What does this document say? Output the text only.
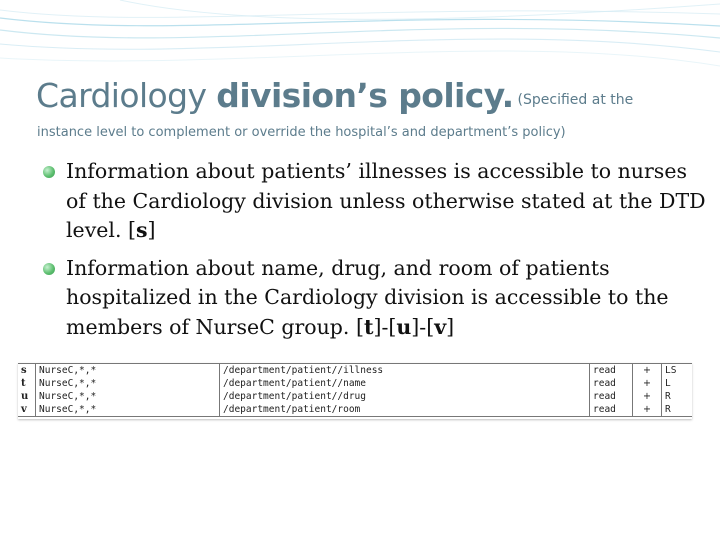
Cardiology division’s policy. (Specified at the
instance level to complement or override the hospital’s and department’s policy)
Information about patients’ illnesses is accessible to nurses of the Cardiology division unless otherwise stated at the DTD level. [s]
Information about name, drug, and room of patients hospitalized in the Cardiology division is accessible to the members of NurseC group. [t]-[u]-[v]
s	NurseC,*,*	/department/patient//illness	read	+	LS
t	NurseC,*,*	/department/patient//name	read	+	L
u	NurseC,*,*	/department/patient//drug	read	+	R
v	NurseC,*,*	/department/patient/room	read	+	R
